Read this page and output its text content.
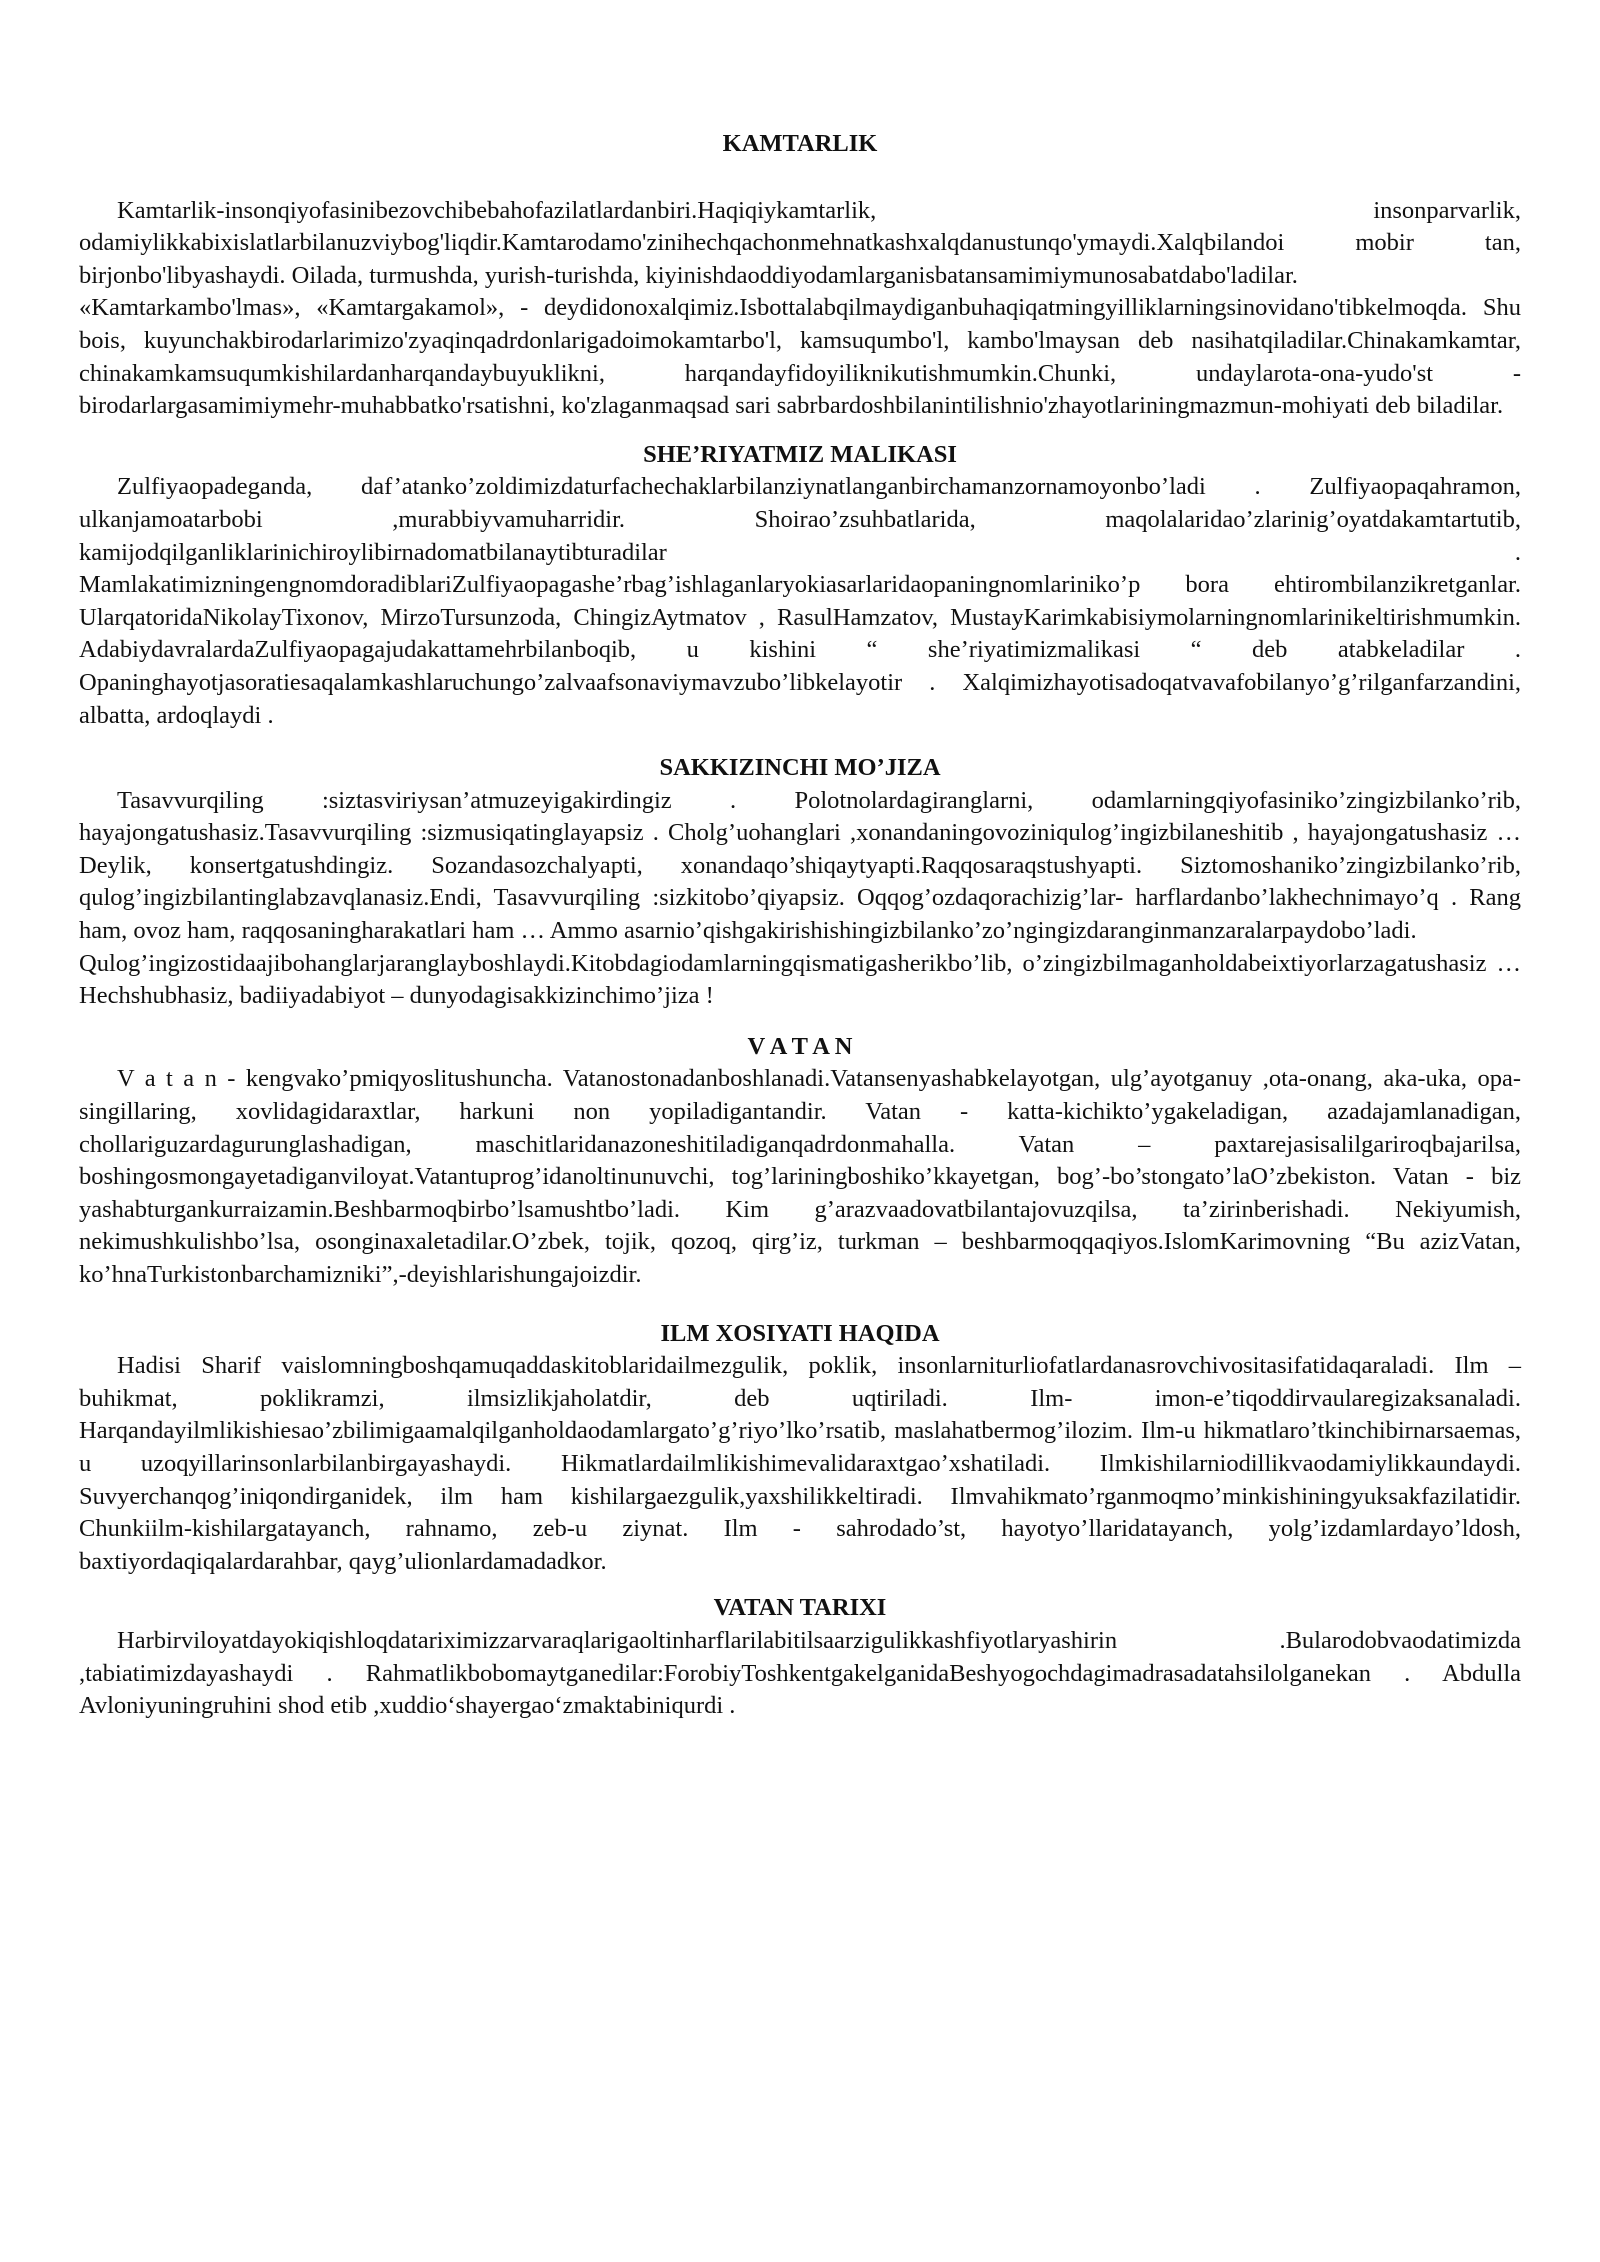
KAMTARLIK

Kamtarlik-insonqiyofasinibezovchibebahofazilatlardanbiri.Haqiqiykamtarlik, insonparvarlik, odamiylikkabixislatlarbilanuzviybog'liqdir.Kamtarodamo'zinihechqachonmehnatkashxalqdanustunqo'ymaydi.Xalqbilandoi mobir tan, birjonbo'libyashaydi. Oilada, turmushda, yurish-turishda, kiyinishdaoddiyodamlarganisbatansamimiymunosabatdabo'ladilar.

«Kamtarkambo'lmas», «Kamtargakamol», - deydidonoxalqimiz.Isbottalabqilmaydiganbuhaqiqatmingyilliklarningsinovidano'tibkelmoqda. Shu bois, kuyunchakbirodarlarimizo'zyaqinqadrdonlarigadoimokamtarbo'l, kamsuqumbo'l, kambo'lmaysan deb nasihatqiladilar.Chinakamkamtar, chinakamkamsuqumkishilardanharqandaybuyuklikni, harqandayfidoyiliknikutishmumkin.Chunki, undaylarota-ona-yudo'st - birodarlargasamimiymehr-muhabbatko'rsatishni, ko'zlaganmaqsad sari sabrbardoshbilanintilishnio'zhayotlariningmazmun-mohiyati deb biladilar.

SHE’RIYATMIZ MALIKASI

Zulfiyaopadeganda, daf’atanko’zoldimizdaturfachechaklarbilanziynatlanganbirchamanzornamoyonbo’ladi . Zulfiyaopaqahramon, ulkanjamoatarbobi ,murabbiyvamuharridir. Shoirao’zsuhbatlarida, maqolalaridao’zlarinig’oyatdakamtartutib, kamijodqilganliklarinichiroylibirnadomatbilanaytibturadilar . MamlakatimizningengnomdoradiblariZulfiyaopagashe’rbag’ishlaganlaryokiasarlaridaopaningnomlariniko’p bora ehtirombilanzikretganlar. UlarqatoridaNikolayTixonov, MirzoTursunzoda, ChingizAytmatov , RasulHamzatov, MustayKarimkabisiymolarningnomlarinikeltirishmumkin. AdabiydavralardaZulfiyaopagajudakattamehrbilanboqib, u kishini “ she’riyatimizmalikasi “ deb atabkeladilar . Opaninghayotjasoratiesaqalamkashlaruchungo’zalvaafsonaviymavzubo’libkelayotir . Xalqimizhayotisadoqatvavafobilanyo’g’rilganfarzandini, albatta, ardoqlaydi .

SAKKIZINCHI MO’JIZA

Tasavvurqiling :siztasviriysan’atmuzeyigakirdingiz . Polotnolardagiranglarni, odamlarningqiyofasiniko’zingizbilanko’rib, hayajongatushasiz.Tasavvurqiling :sizmusiqatinglayapsiz . Cholg’uohanglari ,xonandaningovoziniqulog’ingizbilaneshitib , hayajongatushasiz … Deylik, konsertgatushdingiz. Sozandasozchalyapti, xonandaqo’shiqaytyapti.Raqqosaraqstushyapti. Siztomoshaniko’zingizbilanko’rib, qulog’ingizbilantinglabzavqlanasiz.Endi, Tasavvurqiling :sizkitobo’qiyapsiz. Oqqog’ozdaqorachizig’lar- harflardanbo’lakhechnimayo’q . Rang ham, ovoz ham, raqqosaningharakatlari ham … Ammo asarnio’qishgakirishishingizbilanko’zo’ngingizdaranginmanzaralarpaydobo’ladi.

Qulog’ingizostidaajibohanglarjaranglayboshlaydi.Kitobdagiodamlarningqismatigasherikbo’lib, o’zingizbilmaganholdabeixtiyorlarzagatushasiz … Hechshubhasiz, badiiyadabiyot – dunyodagisakkizinchimo’jiza !

V A T A N

V a t a n - kengvako’pmiqyoslitushuncha. Vatanostonadanboshlanadi.Vatansenyashabkelayotgan, ulg’ayotganuy ,ota-onang, aka-uka, opa-singillaring, xovlidagidaraxtlar, harkuni non yopiladigantandir. Vatan - katta-kichikto’ygakeladigan, azadajamlanadigan, chollariguzardagurunglashadigan, maschitlaridanazoneshitiladiganqadrdonmahalla. Vatan – paxtarejasisalilgariroqbajarilsa, boshingosmongayetadiganviloyat.Vatantuprog’idanoltinunuvchi, tog’lariningboshiko’kkayetgan, bog’-bo’stongato’laO’zbekiston. Vatan - biz yashabturgankurraizamin.Beshbarmoqbirbo’lsamushtbo’ladi. Kim g’arazvaadovatbilantajovuzqilsa, ta’zirinberishadi. Nekiyumish, nekimushkulishbo’lsa, osonginaxaletadilar.O’zbek, tojik, qozoq, qirg’iz, turkman – beshbarmoqqaqiyos.IslomKarimovning “Bu azizVatan, ko’hnaTurkistonbarchamizniki”,-deyishlarishungajoizdir.

ILM XOSIYATI HAQIDA

Hadisi Sharif vaislomningboshqamuqaddaskitoblaridailmezgulik, poklik, insonlarniturliofatlardanasrovchivositasifatidaqaraladi. Ilm – buhikmat, poklikramzi, ilmsizlikjaholatdir, deb uqtiriladi. Ilm- imon-e’tiqoddirvaularegizaksanaladi. Harqandayilmlikishiesao’zbilimigaamalqilganholdaodamlargato’g’riyo’lko’rsatib, maslahatbermog’ilozim. Ilm-u hikmatlaro’tkinchibirnarsaemas, u uzoqyillarinsonlarbilanbirgayashaydi. Hikmatlardailmlikishimevalidaraxtgao’xshatiladi. Ilmkishilarniodillikvaodamiylikkaundaydi. Suvyerchanqog’iniqondirganidek, ilm ham kishilargaezgulik,yaxshilikkeltiradi. Ilmvahikmato’rganmoqmo’minkishiningyuksakfazilatidir. Chunkiilm-kishilargatayanch, rahnamo, zeb-u ziynat. Ilm - sahrodado’st, hayotyo’llaridatayanch, yolg’izdamlardayo’ldosh, baxtiyordaqiqalardarahbar, qayg’ulionlardamadadkor.

VATAN TARIXI

Harbirviloyatdayokiqishloqdatariximizzarvaraqlarigaoltinharflarilabitilsaarzigulikkashfiyotlaryashirin .Bularodobvaodatimizda ,tabiatimizdayashaydi . Rahmatlikbobomaytganedilar:ForobiyToshkentgakelganidaBeshyogochdagimadrasadatahsilolganekan . Abdulla Avloniyuningruhini shod etib ,xuddio‘shayergao‘zmaktabiniqurdi .
